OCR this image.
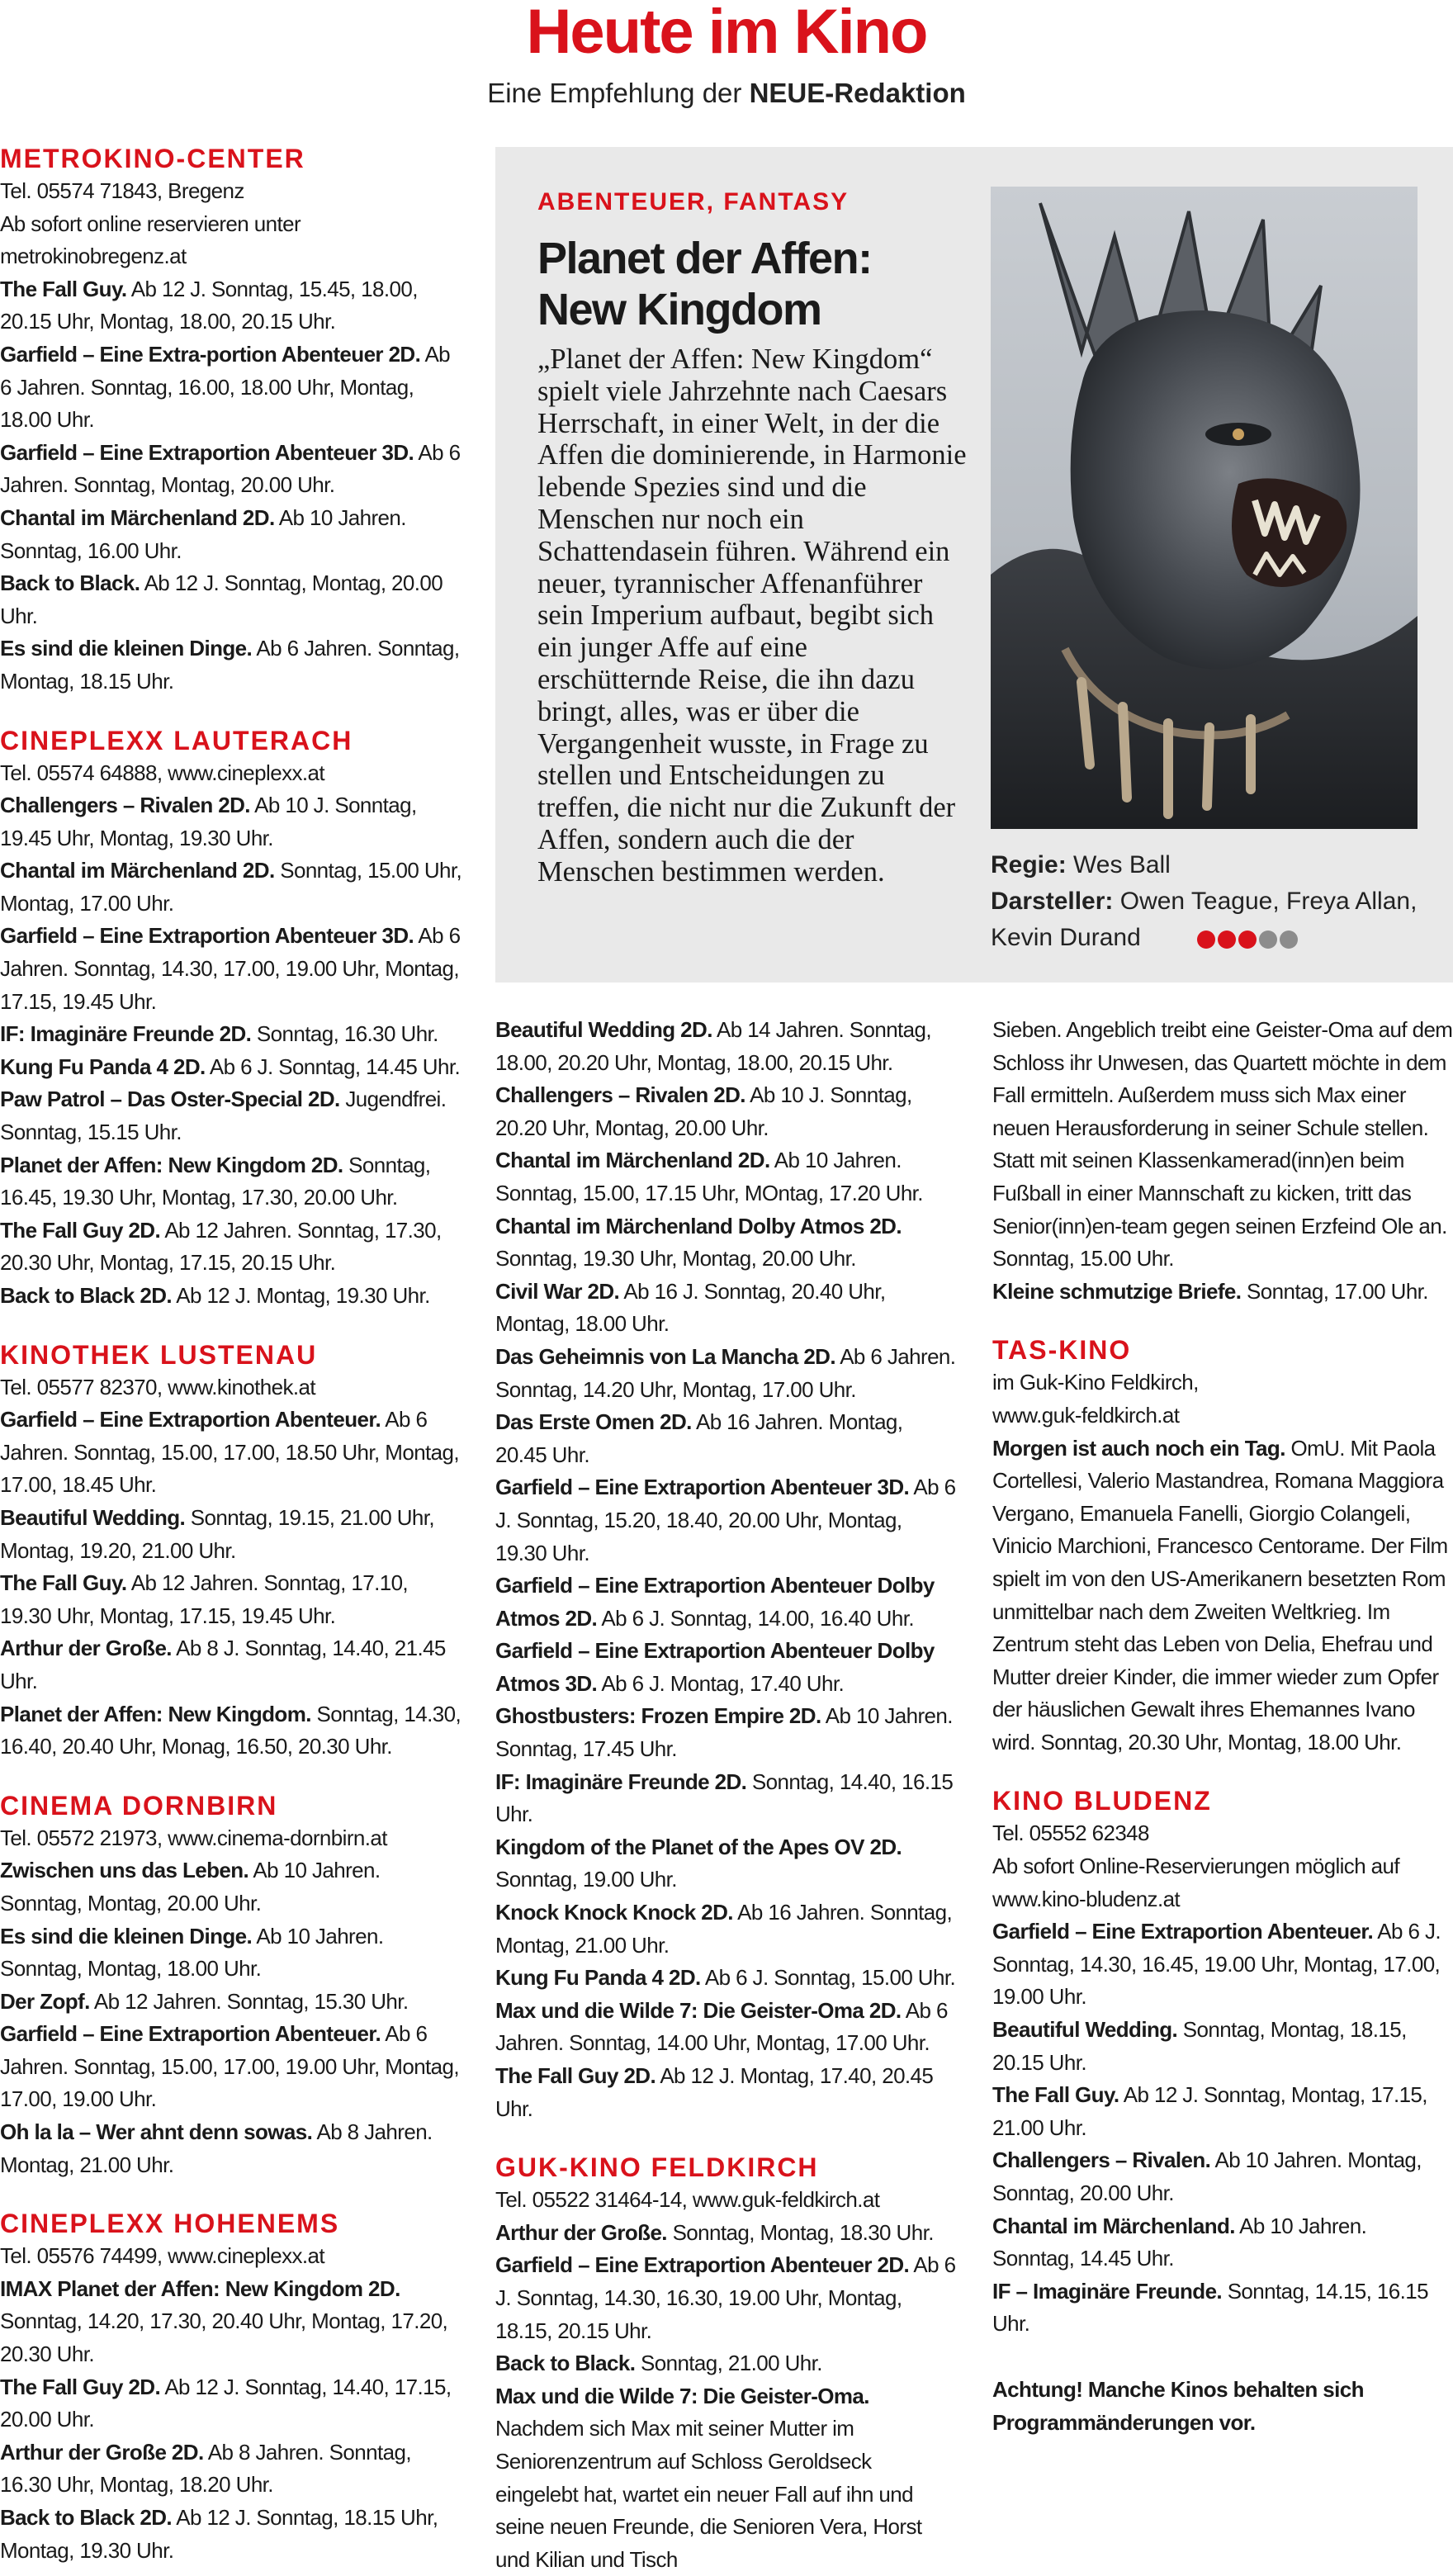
Heute im Kino
Eine Empfehlung der NEUE-Redaktion
METROKINO-CENTER
Tel. 05574 71843, Bregenz
Ab sofort online reservieren unter metrokinobregenz.at
The Fall Guy. Ab 12 J. Sonntag, 15.45, 18.00, 20.15 Uhr, Montag, 18.00, 20.15 Uhr.
Garfield – Eine Extra-portion Abenteuer 2D. Ab 6 Jahren. Sonntag, 16.00, 18.00 Uhr, Montag, 18.00 Uhr.
Garfield – Eine Extraportion Abenteuer 3D. Ab 6 Jahren. Sonntag, Montag, 20.00 Uhr.
Chantal im Märchenland 2D. Ab 10 Jahren. Sonntag, 16.00 Uhr.
Back to Black. Ab 12 J. Sonntag, Montag, 20.00 Uhr.
Es sind die kleinen Dinge. Ab 6 Jahren. Sonntag, Montag, 18.15 Uhr.
CINEPLEXX LAUTERACH
Tel. 05574 64888, www.cineplexx.at
Challengers – Rivalen 2D. Ab 10 J. Sonntag, 19.45 Uhr, Montag, 19.30 Uhr.
Chantal im Märchenland 2D. Sonntag, 15.00 Uhr, Montag, 17.00 Uhr.
Garfield – Eine Extraportion Abenteuer 3D. Ab 6 Jahren. Sonntag, 14.30, 17.00, 19.00 Uhr, Montag, 17.15, 19.45 Uhr.
IF: Imaginäre Freunde 2D. Sonntag, 16.30 Uhr.
Kung Fu Panda 4 2D. Ab 6 J. Sonntag, 14.45 Uhr.
Paw Patrol – Das Oster-Special 2D. Jugendfrei. Sonntag, 15.15 Uhr.
Planet der Affen: New Kingdom 2D. Sonntag, 16.45, 19.30 Uhr, Montag, 17.30, 20.00 Uhr.
The Fall Guy 2D. Ab 12 Jahren. Sonntag, 17.30, 20.30 Uhr, Montag, 17.15, 20.15 Uhr.
Back to Black 2D. Ab 12 J. Montag, 19.30 Uhr.
KINOTHEK LUSTENAU
Tel. 05577 82370, www.kinothek.at
Garfield – Eine Extraportion Abenteuer. Ab 6 Jahren. Sonntag, 15.00, 17.00, 18.50 Uhr, Montag, 17.00, 18.45 Uhr.
Beautiful Wedding. Sonntag, 19.15, 21.00 Uhr, Montag, 19.20, 21.00 Uhr.
The Fall Guy. Ab 12 Jahren. Sonntag, 17.10, 19.30 Uhr, Montag, 17.15, 19.45 Uhr.
Arthur der Große. Ab 8 J. Sonntag, 14.40, 21.45 Uhr.
Planet der Affen: New Kingdom. Sonntag, 14.30, 16.40, 20.40 Uhr, Monag, 16.50, 20.30 Uhr.
CINEMA DORNBIRN
Tel. 05572 21973, www.cinema-dornbirn.at
Zwischen uns das Leben. Ab 10 Jahren. Sonntag, Montag, 20.00 Uhr.
Es sind die kleinen Dinge. Ab 10 Jahren. Sonntag, Montag, 18.00 Uhr.
Der Zopf. Ab 12 Jahren. Sonntag, 15.30 Uhr.
Garfield – Eine Extraportion Abenteuer. Ab 6 Jahren. Sonntag, 15.00, 17.00, 19.00 Uhr, Montag, 17.00, 19.00 Uhr.
Oh la la – Wer ahnt denn sowas. Ab 8 Jahren. Montag, 21.00 Uhr.
CINEPLEXX HOHENEMS
Tel. 05576 74499, www.cineplexx.at
IMAX Planet der Affen: New Kingdom 2D. Sonntag, 14.20, 17.30, 20.40 Uhr, Montag, 17.20, 20.30 Uhr.
The Fall Guy 2D. Ab 12 J. Sonntag, 14.40, 17.15, 20.00 Uhr.
Arthur der Große 2D. Ab 8 Jahren. Sonntag, 16.30 Uhr, Montag, 18.20 Uhr.
Back to Black 2D. Ab 12 J. Sonntag, 18.15 Uhr, Montag, 19.30 Uhr.
ABENTEUER, FANTASY
Planet der Affen: New Kingdom

„Planet der Affen: New Kingdom“ spielt viele Jahrzehnte nach Caesars Herrschaft, in einer Welt, in der die Affen die dominierende, in Harmonie lebende Spezies sind und die Menschen nur noch ein Schattendasein führen. Während ein neuer, tyrannischer Affenanführer sein Imperium aufbaut, begibt sich ein junger Affe auf eine erschütternde Reise, die ihn dazu bringt, alles, was er über die Vergangenheit wusste, in Frage zu stellen und Entscheidungen zu treffen, die nicht nur die Zukunft der Affen, sondern auch die der Menschen bestimmen werden.	Regie: Wes Ball
Darsteller: Owen Teague, Freya Allan, Kevin Durand
Beautiful Wedding 2D. Ab 14 Jahren. Sonntag, 18.00, 20.20 Uhr, Montag, 18.00, 20.15 Uhr.
Challengers – Rivalen 2D. Ab 10 J. Sonntag, 20.20 Uhr, Montag, 20.00 Uhr.
Chantal im Märchenland 2D. Ab 10 Jahren. Sonntag, 15.00, 17.15 Uhr, MOntag, 17.20 Uhr.
Chantal im Märchenland Dolby Atmos 2D. Sonntag, 19.30 Uhr, Montag, 20.00 Uhr.
Civil War 2D. Ab 16 J. Sonntag, 20.40 Uhr, Montag, 18.00 Uhr.
Das Geheimnis von La Mancha 2D. Ab 6 Jahren. Sonntag, 14.20 Uhr, Montag, 17.00 Uhr.
Das Erste Omen 2D. Ab 16 Jahren. Montag, 20.45 Uhr.
Garfield – Eine Extraportion Abenteuer 3D. Ab 6 J. Sonntag, 15.20, 18.40, 20.00 Uhr, Montag, 19.30 Uhr.
Garfield – Eine Extraportion Abenteuer Dolby Atmos 2D. Ab 6 J. Sonntag, 14.00, 16.40 Uhr.
Garfield – Eine Extraportion Abenteuer Dolby Atmos 3D. Ab 6 J. Montag, 17.40 Uhr.
Ghostbusters: Frozen Empire 2D. Ab 10 Jahren. Sonntag, 17.45 Uhr.
IF: Imaginäre Freunde 2D. Sonntag, 14.40, 16.15 Uhr.
Kingdom of the Planet of the Apes OV 2D. Sonntag, 19.00 Uhr.
Knock Knock Knock 2D. Ab 16 Jahren. Sonntag, Montag, 21.00 Uhr.
Kung Fu Panda 4 2D. Ab 6 J. Sonntag, 15.00 Uhr.
Max und die Wilde 7: Die Geister-Oma 2D. Ab 6 Jahren. Sonntag, 14.00 Uhr, Montag, 17.00 Uhr.
The Fall Guy 2D. Ab 12 J. Montag, 17.40, 20.45 Uhr.
GUK-KINO FELDKIRCH
Tel. 05522 31464-14, www.guk-feldkirch.at
Arthur der Große. Sonntag, Montag, 18.30 Uhr.
Garfield – Eine Extraportion Abenteuer 2D. Ab 6 J. Sonntag, 14.30, 16.30, 19.00 Uhr, Montag, 18.15, 20.15 Uhr.
Back to Black. Sonntag, 21.00 Uhr.
Max und die Wilde 7: Die Geister-Oma. Nachdem sich Max mit seiner Mutter im Seniorenzentrum auf Schloss Geroldseck eingelebt hat, wartet ein neuer Fall auf ihn und seine neuen Freunde, die Senioren Vera, Horst und Kilian und Tisch
Sieben. Angeblich treibt eine Geister-Oma auf dem Schloss ihr Unwesen, das Quartett möchte in dem Fall ermitteln. Außerdem muss sich Max einer neuen Herausforderung in seiner Schule stellen. Statt mit seinen Klassenkamerad(inn)en beim Fußball in einer Mannschaft zu kicken, tritt das Senior(inn)en-team gegen seinen Erzfeind Ole an. Sonntag, 15.00 Uhr.
Kleine schmutzige Briefe. Sonntag, 17.00 Uhr.
TAS-KINO
im Guk-Kino Feldkirch,
www.guk-feldkirch.at
Morgen ist auch noch ein Tag. OmU. Mit Paola Cortellesi, Valerio Mastandrea, Romana Maggiora Vergano, Emanuela Fanelli, Giorgio Colangeli, Vinicio Marchioni, Francesco Centorame. Der Film spielt im von den US-Amerikanern besetzten Rom unmittelbar nach dem Zweiten Weltkrieg. Im Zentrum steht das Leben von Delia, Ehefrau und Mutter dreier Kinder, die immer wieder zum Opfer der häuslichen Gewalt ihres Ehemannes Ivano wird. Sonntag, 20.30 Uhr, Montag, 18.00 Uhr.
KINO BLUDENZ
Tel. 05552 62348
Ab sofort Online-Reservierungen möglich auf www.kino-bludenz.at
Garfield – Eine Extraportion Abenteuer. Ab 6 J. Sonntag, 14.30, 16.45, 19.00 Uhr, Montag, 17.00, 19.00 Uhr.
Beautiful Wedding. Sonntag, Montag, 18.15, 20.15 Uhr.
The Fall Guy. Ab 12 J. Sonntag, Montag, 17.15, 21.00 Uhr.
Challengers – Rivalen. Ab 10 Jahren. Montag, Sonntag, 20.00 Uhr.
Chantal im Märchenland. Ab 10 Jahren. Sonntag, 14.45 Uhr.
IF – Imaginäre Freunde. Sonntag, 14.15, 16.15 Uhr.
Achtung! Manche Kinos behalten sich Programmänderungen vor.
